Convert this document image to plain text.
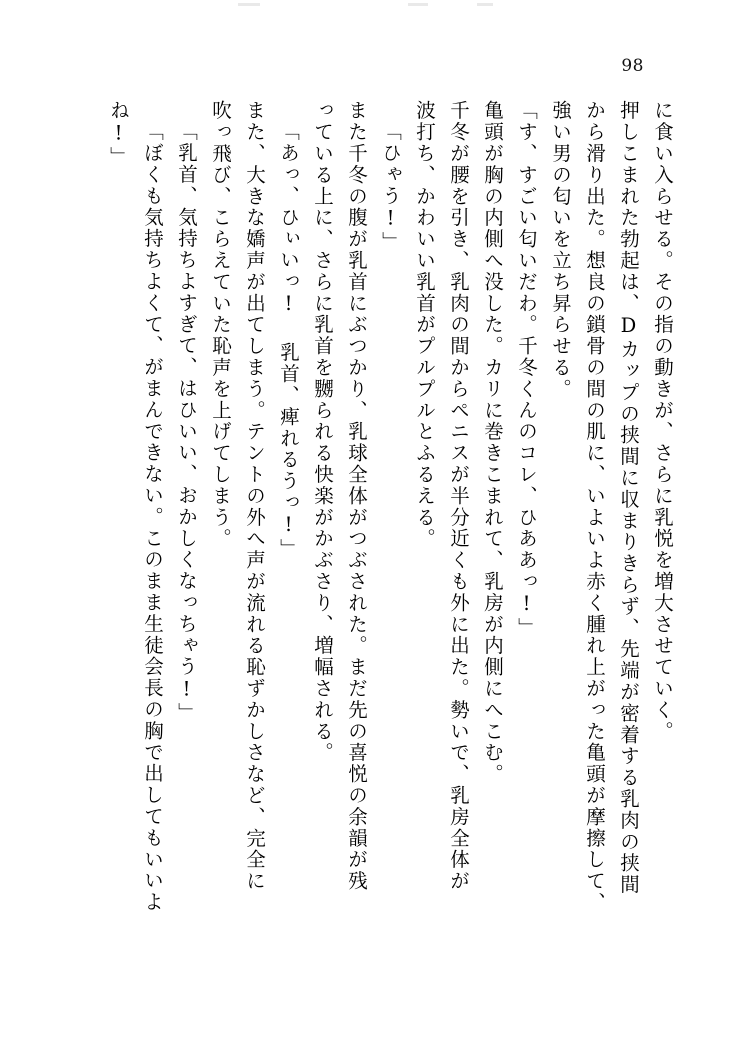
98
に食い入らせる。その指の動きが、さらに乳悦を増大させていく。
押しこまれた勃起は、Dカップの挟間に収まりきらず、先端が密着する乳肉の挟間
から滑り出た。想良の鎖骨の間の肌に、いよいよ赤く腫れ上がった亀頭が摩擦して、
強い男の匂いを立ち昇らせる。
「す、すごい匂いだわ。千冬くんのコレ、ひああっ!」
亀頭が胸の内側へ没した。カリに巻きこまれて、乳房が内側にへこむ。
千冬が腰を引き、乳肉の間からペニスが半分近くも外に出た。勢いで、乳房全体が
波打ち、かわいい乳首がプルプルとふるえる。
「ひゃう!」
また千冬の腹が乳首にぶつかり、乳球全体がつぶされた。まだ先の喜悦の余韻が残
っている上に、さらに乳首を嬲られる快楽がかぶさり、増幅される。
「あっ、ひぃいっ! 乳首、痺れるうっ!」
また、大きな嬌声が出てしまう。テントの外へ声が流れる恥ずかしさなど、完全に
吹っ飛び、こらえていた恥声を上げてしまう。
「乳首、気持ちよすぎて、はひいい、おかしくなっちゃう!」
「ぼくも気持ちよくて、がまんできない。このまま生徒会長の胸で出してもいいよ
ね!」
